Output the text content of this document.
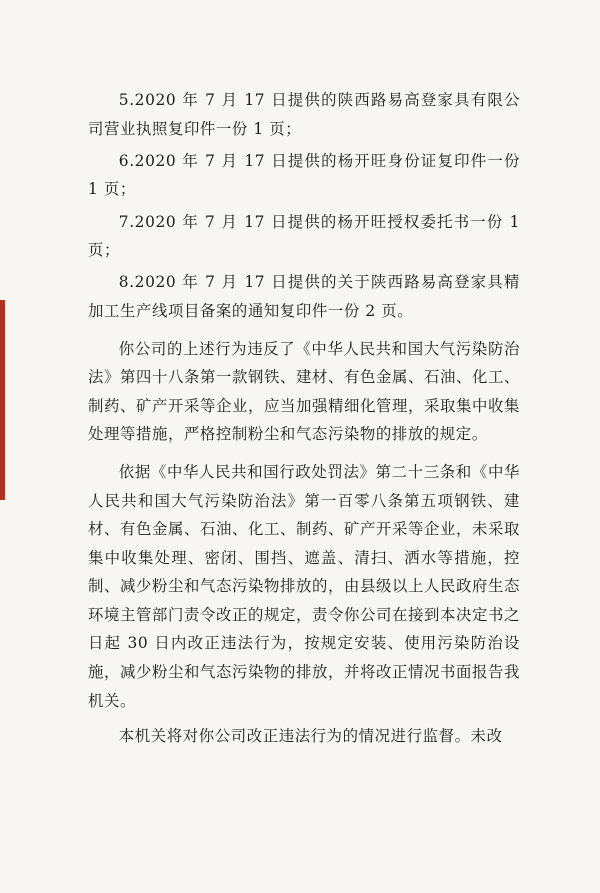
5.2020 年 7 月 17 日提供的陕西路易高登家具有限公司营业执照复印件一份 1 页；

6.2020 年 7 月 17 日提供的杨开旺身份证复印件一份 1 页；

7.2020 年 7 月 17 日提供的杨开旺授权委托书一份 1 页；

8.2020 年 7 月 17 日提供的关于陕西路易高登家具精加工生产线项目备案的通知复印件一份 2 页。

你公司的上述行为违反了《中华人民共和国大气污染防治法》第四十八条第一款钢铁、建材、有色金属、石油、化工、制药、矿产开采等企业，应当加强精细化管理，采取集中收集处理等措施，严格控制粉尘和气态污染物的排放的规定。

依据《中华人民共和国行政处罚法》第二十三条和《中华人民共和国大气污染防治法》第一百零八条第五项钢铁、建材、有色金属、石油、化工、制药、矿产开采等企业，未采取集中收集处理、密闭、围挡、遮盖、清扫、洒水等措施，控制、减少粉尘和气态污染物排放的，由县级以上人民政府生态环境主管部门责令改正的规定，责令你公司在接到本决定书之日起 30 日内改正违法行为，按规定安装、使用污染防治设施，减少粉尘和气态污染物的排放，并将改正情况书面报告我机关。

本机关将对你公司改正违法行为的情况进行监督。未改
